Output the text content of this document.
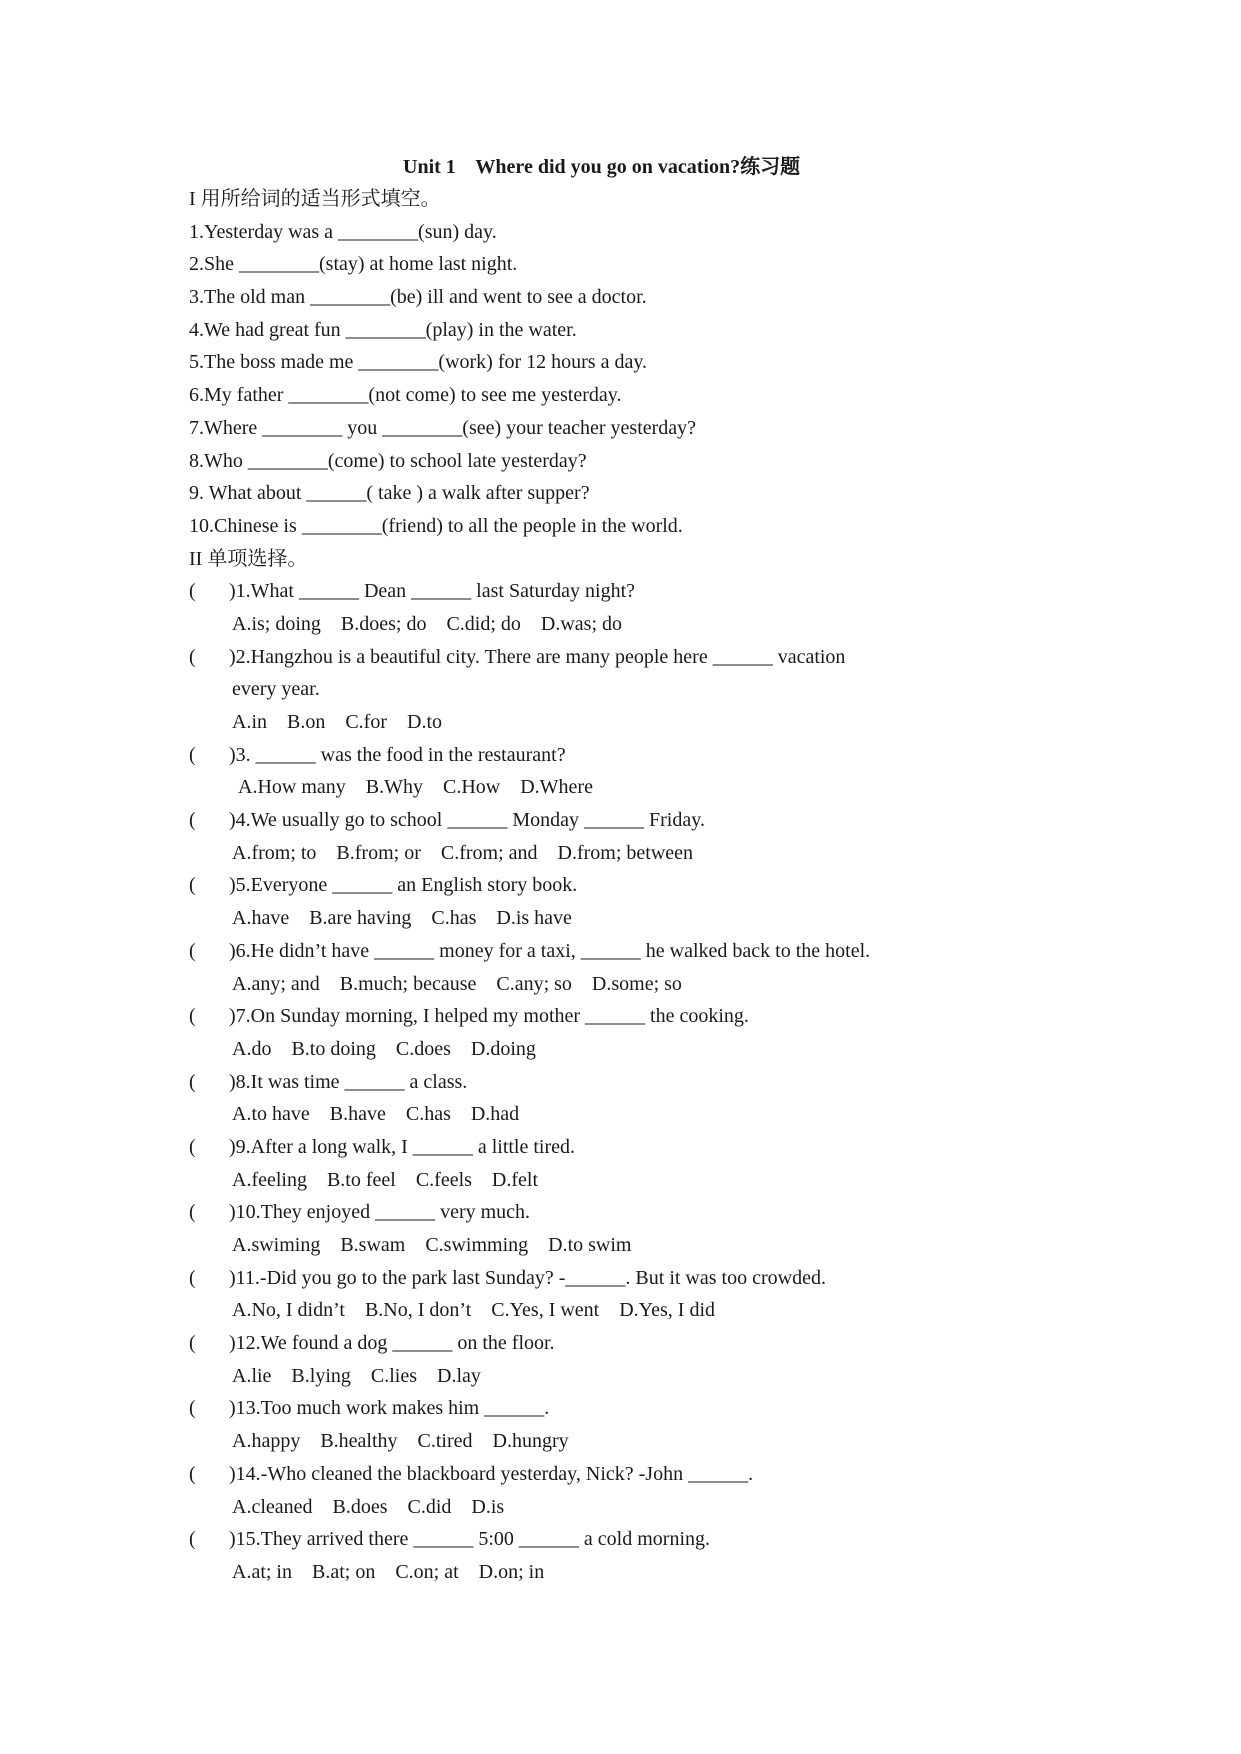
Unit 1    Where did you go on vacation?练习题
I 用所给词的适当形式填空。
1.Yesterday was a ________(sun) day.
2.She ________(stay) at home last night.
3.The old man ________(be) ill and went to see a doctor.
4.We had great fun ________(play) in the water.
5.The boss made me ________(work) for 12 hours a day.
6.My father ________(not come) to see me yesterday.
7.Where ________ you ________(see) your teacher yesterday?
8.Who ________(come) to school late yesterday?
9. What about ______( take ) a walk after supper?
10.Chinese is ________(friend) to all the people in the world.
II 单项选择。
(	)1.What ______ Dean ______ last Saturday night?
A.is; doing    B.does; do    C.did; do    D.was; do
(	)2.Hangzhou is a beautiful city. There are many people here ______ vacation
every year.
A.in    B.on    C.for    D.to
(	)3. ______ was the food in the restaurant?
A.How many    B.Why    C.How    D.Where
(	)4.We usually go to school ______ Monday ______ Friday.
A.from; to    B.from; or    C.from; and    D.from; between
(	)5.Everyone ______ an English story book.
A.have    B.are having    C.has    D.is have
(	)6.He didn’t have ______ money for a taxi, ______ he walked back to the hotel.
A.any; and    B.much; because    C.any; so    D.some; so
(	)7.On Sunday morning, I helped my mother ______ the cooking.
A.do    B.to doing    C.does    D.doing
(	)8.It was time ______ a class.
A.to have    B.have    C.has    D.had
(	)9.After a long walk, I ______ a little tired.
A.feeling    B.to feel    C.feels    D.felt
(	)10.They enjoyed ______ very much.
A.swiming    B.swam    C.swimming    D.to swim
(	)11.-Did you go to the park last Sunday? -______. But it was too crowded.
A.No, I didn’t    B.No, I don’t    C.Yes, I went    D.Yes, I did
(	)12.We found a dog ______ on the floor.
A.lie    B.lying    C.lies    D.lay
(	)13.Too much work makes him ______.
A.happy    B.healthy    C.tired    D.hungry
(	)14.-Who cleaned the blackboard yesterday, Nick? -John ______.
A.cleaned    B.does    C.did    D.is
(	)15.They arrived there ______ 5:00 ______ a cold morning.
A.at; in    B.at; on    C.on; at    D.on; in
